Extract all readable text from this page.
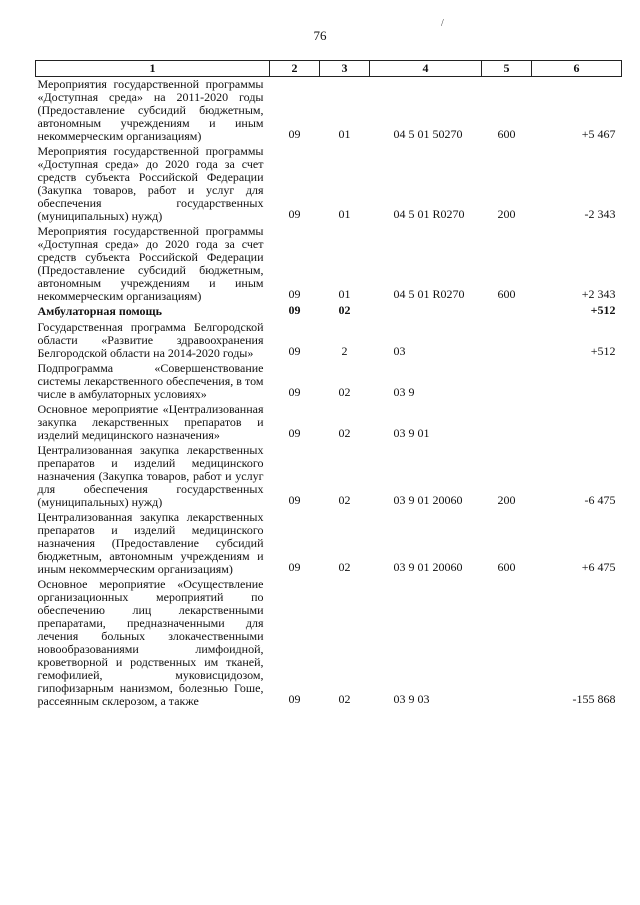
76
/
1	2	3	4	5	6
Мероприятия государственной программы «Доступная среда» на 2011-2020 годы (Предоставление субсидий бюджетным, автономным учреждениям и иным некоммерческим организациям)	09	01	04 5 01 50270	600	+5 467
Мероприятия государственной программы «Доступная среда» до 2020 года за счет средств субъекта Российской Федерации (Закупка товаров, работ и услуг для обеспечения государственных (муниципальных) нужд)	09	01	04 5 01 R0270	200	-2 343
Мероприятия государственной программы «Доступная среда» до 2020 года за счет средств субъекта Российской Федерации (Предоставление субсидий бюджетным, автономным учреждениям и иным некоммерческим организациям)	09	01	04 5 01 R0270	600	+2 343
Амбулаторная помощь	09	02			+512
Государственная программа Белгородской области «Развитие здравоохранения Белгородской области на 2014-2020 годы»	09	2	03		+512
Подпрограмма «Совершенствование системы лекарственного обеспечения, в том числе в амбулаторных условиях»	09	02	03 9		
Основное мероприятие «Централизованная закупка лекарственных препаратов и изделий медицинского назначения»	09	02	03 9 01		
Централизованная закупка лекарственных препаратов и изделий медицинского назначения (Закупка товаров, работ и услуг для обеспечения государственных (муниципальных) нужд)	09	02	03 9 01 20060	200	-6 475
Централизованная закупка лекарственных препаратов и изделий медицинского назначения (Предоставление субсидий бюджетным, автономным учреждениям и иным некоммерческим организациям)	09	02	03 9 01 20060	600	+6 475
Основное мероприятие «Осуществление организационных мероприятий по обеспечению лиц лекарственными препаратами, предназначенными для лечения больных злокачественными новообразованиями лимфоидной, кроветворной и родственных им тканей, гемофилией, муковисцидозом, гипофизарным нанизмом, болезнью Гоше, рассеянным склерозом, а также	09	02	03 9 03		-155 868
